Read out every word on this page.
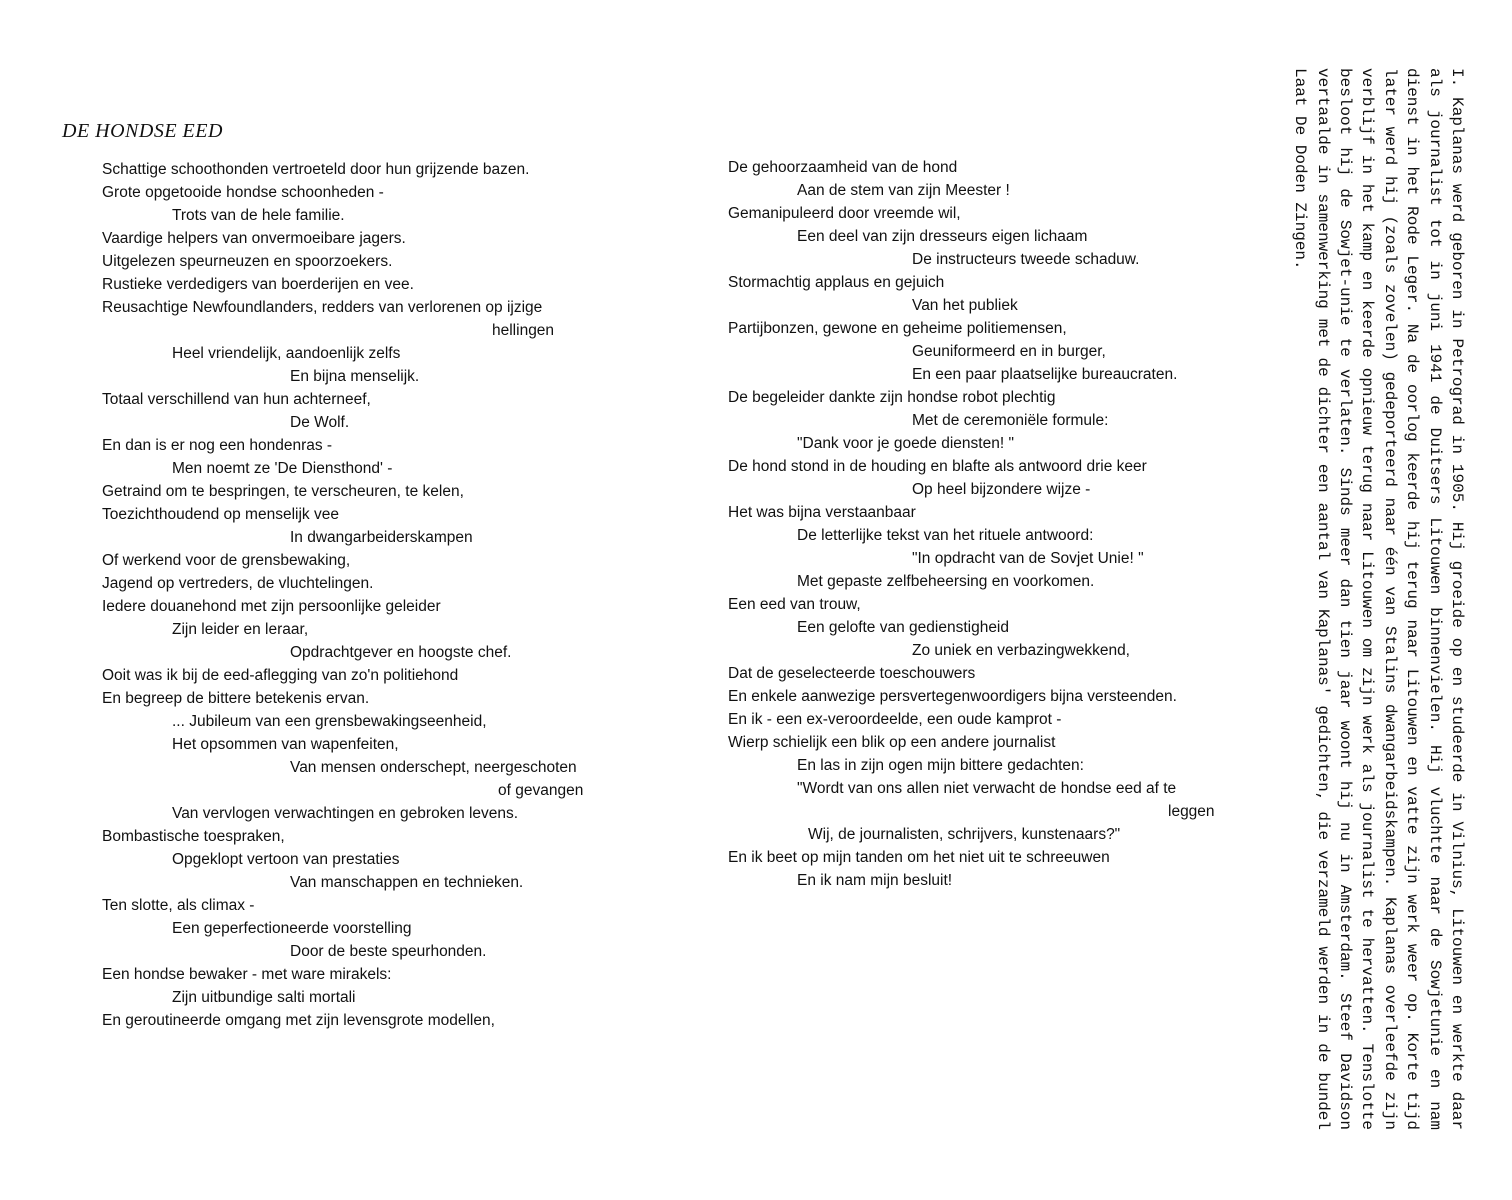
DE HONDSE EED
Schattige schoothonden vertroeteld door hun grijzende bazen.
Grote opgetooide hondse schoonheden -
Trots van de hele familie.
Vaardige helpers van onvermoeibare jagers.
Uitgelezen speurneuzen en spoorzoekers.
Rustieke verdedigers van boerderijen en vee.
Reusachtige Newfoundlanders, redders van verlorenen op ijzige
hellingen
Heel vriendelijk, aandoenlijk zelfs
En bijna menselijk.
Totaal verschillend van hun achterneef,
De Wolf.
En dan is er nog een hondenras -
Men noemt ze 'De Diensthond' -
Getraind om te bespringen, te verscheuren, te kelen,
Toezichthoudend op menselijk vee
In dwangarbeiderskampen
Of werkend voor de grensbewaking,
Jagend op vertreders, de vluchtelingen.
Iedere douanehond met zijn persoonlijke geleider
Zijn leider en leraar,
Opdrachtgever en hoogste chef.
Ooit was ik bij de eed-aflegging van zo'n politiehond
En begreep de bittere betekenis ervan.
... Jubileum van een grensbewakingseenheid,
Het opsommen van wapenfeiten,
Van mensen onderschept, neergeschoten
of gevangen
Van vervlogen verwachtingen en gebroken levens.
Bombastische toespraken,
Opgeklopt vertoon van prestaties
Van manschappen en technieken.
Ten slotte, als climax -
Een geperfectioneerde voorstelling
Door de beste speurhonden.
Een hondse bewaker - met ware mirakels:
Zijn uitbundige salti mortali
En geroutineerde omgang met zijn levensgrote modellen,
De gehoorzaamheid van de hond
Aan de stem van zijn Meester !
Gemanipuleerd door vreemde wil,
Een deel van zijn dresseurs eigen lichaam
De instructeurs tweede schaduw.
Stormachtig applaus en gejuich
Van het publiek
Partijbonzen, gewone en geheime politiemensen,
Geuniformeerd en in burger,
En een paar plaatselijke bureaucraten.
De begeleider dankte zijn hondse robot plechtig
Met de ceremoniële formule:
"Dank voor je goede diensten! "
De hond stond in de houding en blafte als antwoord drie keer
Op heel bijzondere wijze -
Het was bijna verstaanbaar
De letterlijke tekst van het rituele antwoord:
"In opdracht van de Sovjet Unie! "
Met gepaste zelfbeheersing en voorkomen.
Een eed van trouw,
Een gelofte van gedienstigheid
Zo uniek en verbazingwekkend,
Dat de geselecteerde toeschouwers
En enkele aanwezige persvertegenwoordigers bijna versteenden.
En ik - een ex-veroordeelde, een oude kamprot -
Wierp schielijk een blik op een andere journalist
En las in zijn ogen mijn bittere gedachten:
"Wordt van ons allen niet verwacht de hondse eed af te
leggen
Wij, de journalisten, schrijvers, kunstenaars?"
En ik beet op mijn tanden om het niet uit te schreeuwen
En ik nam mijn besluit!	I. Kaplanas werd geboren in Petrograd in 1905. Hij groeide op en studeerde in Vilnius, Litouwen en werkte daar als journalist tot in juni 1941 de Duitsers Litouwen binnenvielen. Hij vluchtte naar de Sowjetunie en nam dienst in het Rode Leger. Na de oorlog keerde hij terug naar Litouwen en vatte zijn werk weer op. Korte tijd later werd hij (zoals zovelen) gedeporteerd naar één van Stalins dwangarbeidskampen. Kaplanas overleefde zijn verblijf in het kamp en keerde opnieuw terug naar Litouwen om zijn werk als journalist te hervatten. Tenslotte besloot hij de Sowjet-unie te verlaten. Sinds meer dan tien jaar woont hij nu in Amsterdam. Steef Davidson vertaalde in samenwerking met de dichter een aantal van Kaplanas' gedichten, die verzameld werden in de bundel Laat De Doden Zingen.
